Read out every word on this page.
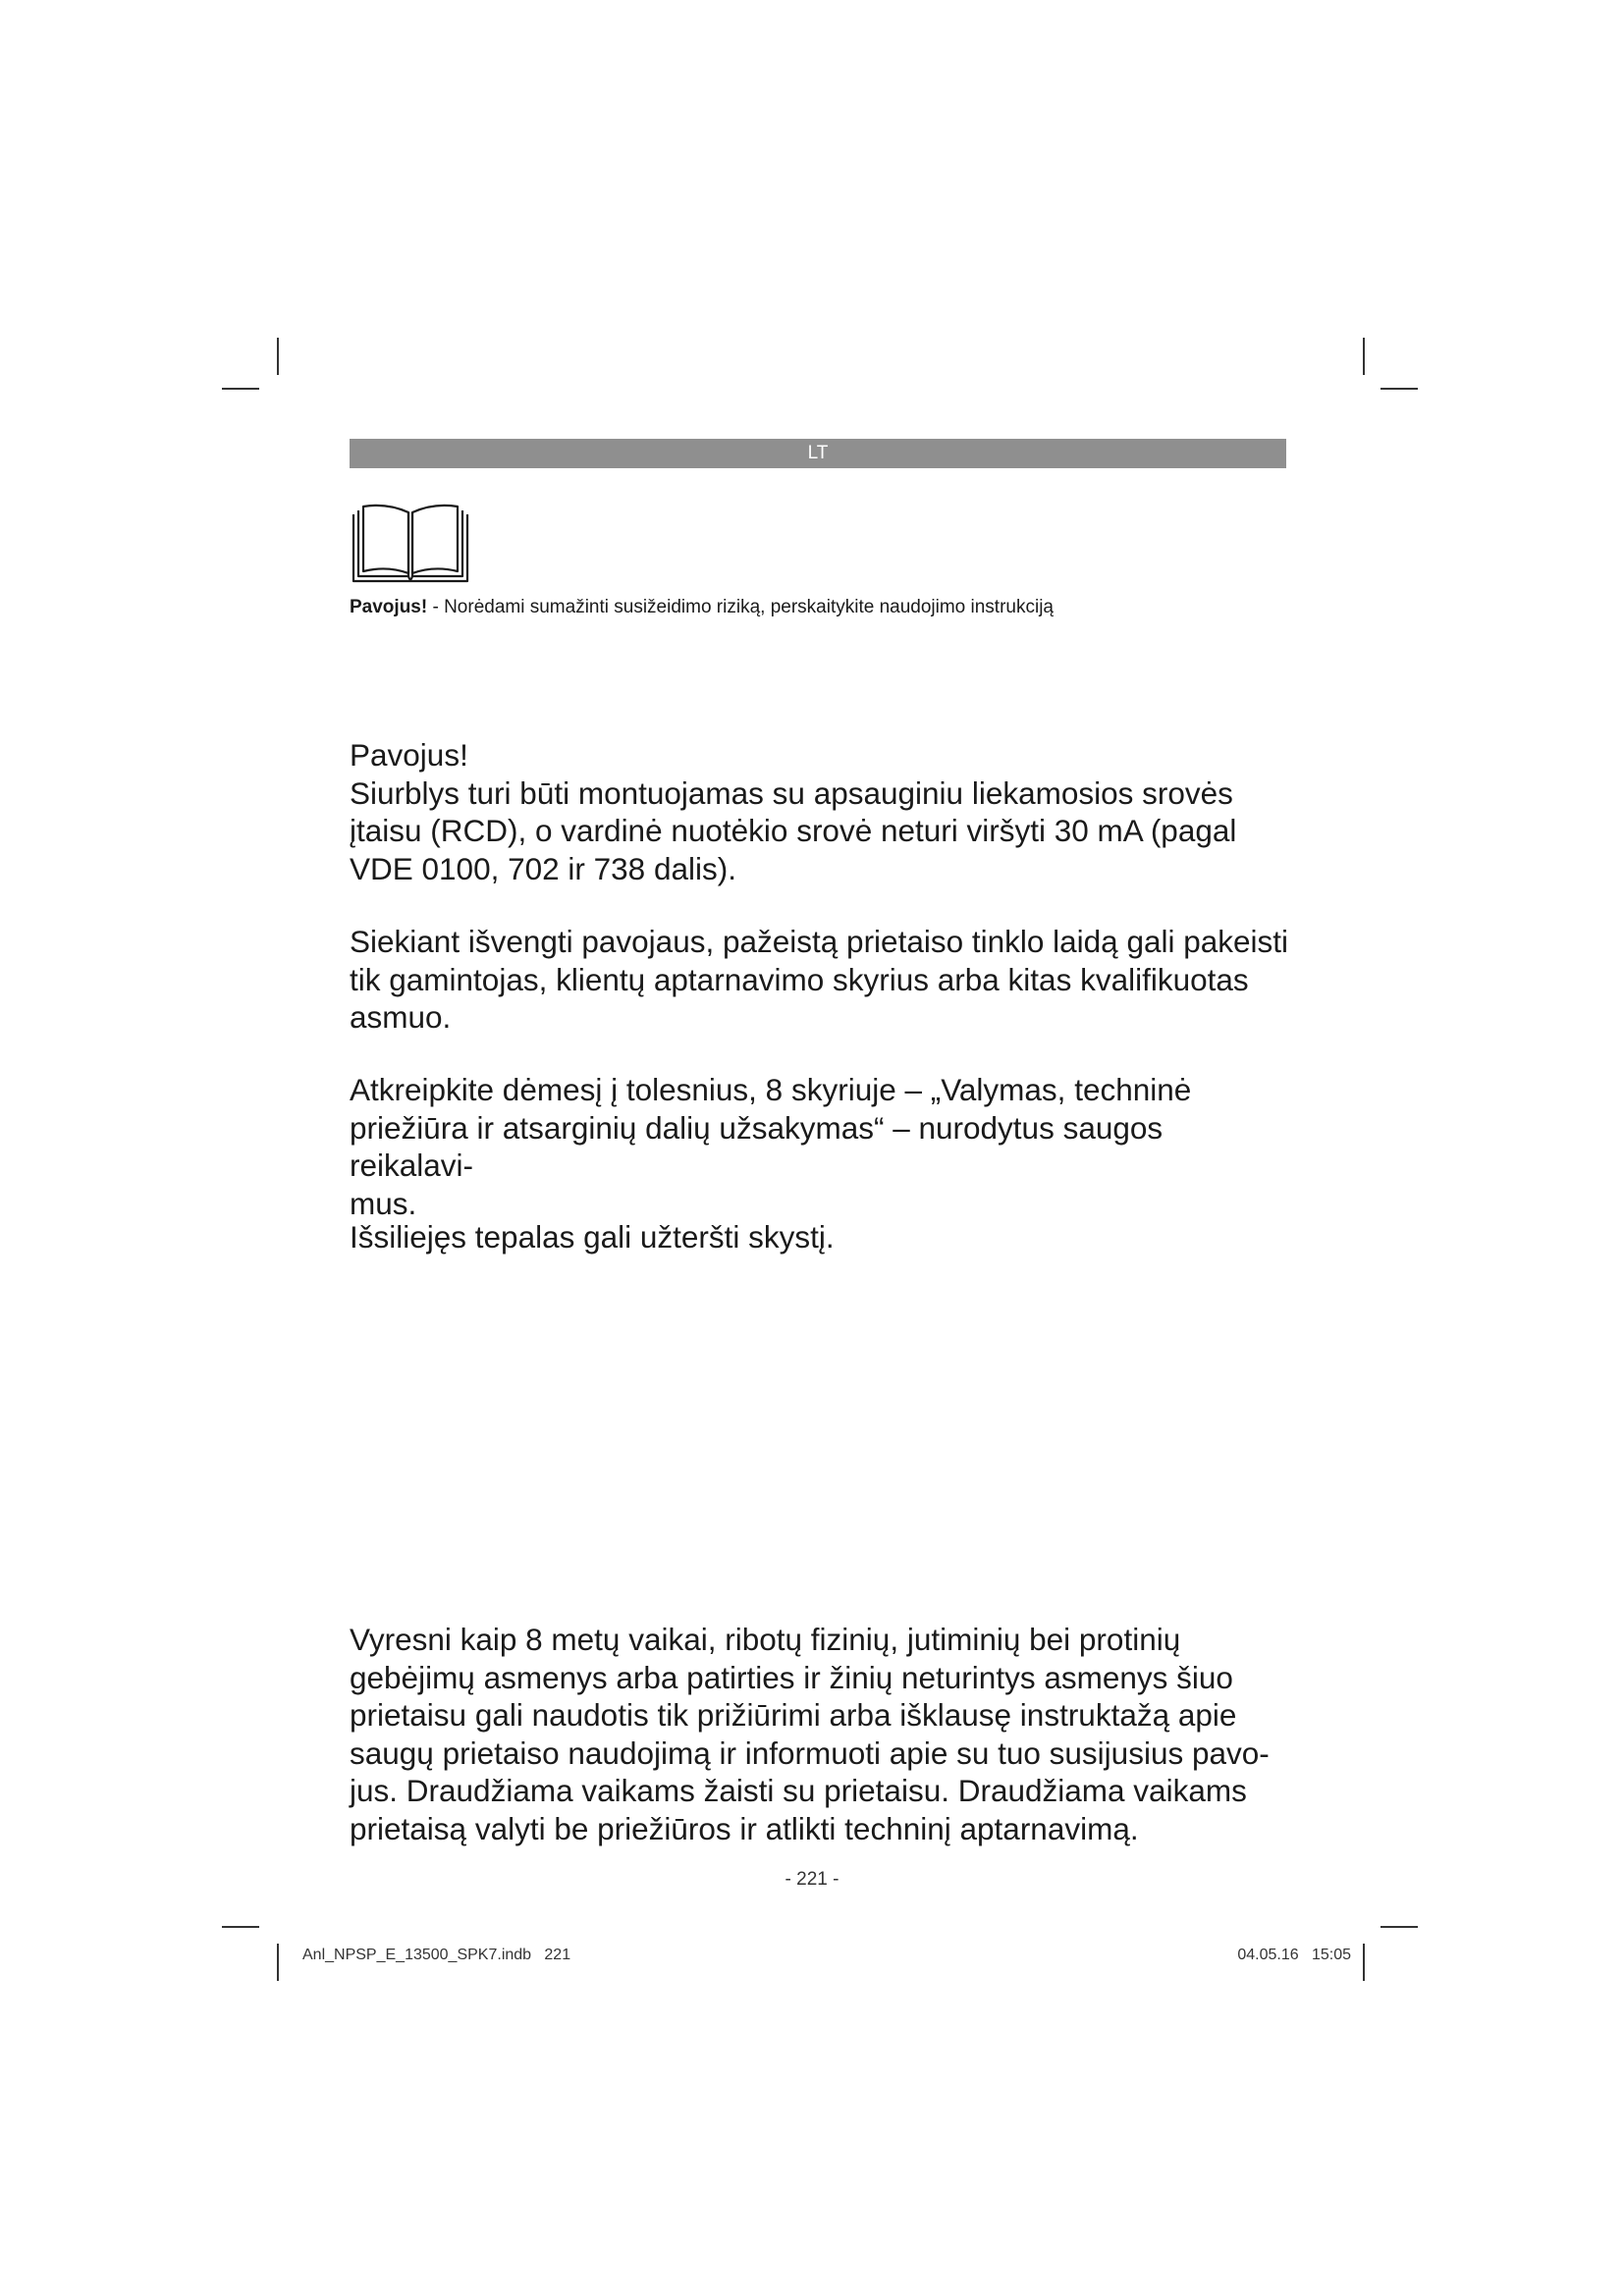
LT
Pavojus! - Norėdami sumažinti susižeidimo riziką, perskaitykite naudojimo instrukciją
Pavojus!
Siurblys turi būti montuojamas su apsauginiu liekamosios srovės
įtaisu (RCD), o vardinė nuotėkio srovė neturi viršyti 30 mA (pagal
VDE 0100, 702 ir 738 dalis).
Siekiant išvengti pavojaus, pažeistą prietaiso tinklo laidą gali pakeisti
tik gamintojas, klientų aptarnavimo skyrius arba kitas kvalifikuotas
asmuo.
Atkreipkite dėmesį į tolesnius, 8 skyriuje – „Valymas, techninė
priežiūra ir atsarginių dalių užsakymas“ – nurodytus saugos reikalavi-
mus.
Išsiliejęs tepalas gali užteršti skystį.
Vyresni kaip 8 metų vaikai, ribotų fizinių, jutiminių bei protinių
gebėjimų asmenys arba patirties ir žinių neturintys asmenys šiuo
prietaisu gali naudotis tik prižiūrimi arba išklausę instruktažą apie
saugų prietaiso naudojimą ir informuoti apie su tuo susijusius pavo-
jus. Draudžiama vaikams žaisti su prietaisu. Draudžiama vaikams
prietaisą valyti be priežiūros ir atlikti techninį aptarnavimą.
- 221 -
Anl_NPSP_E_13500_SPK7.indb   221	04.05.16   15:05
